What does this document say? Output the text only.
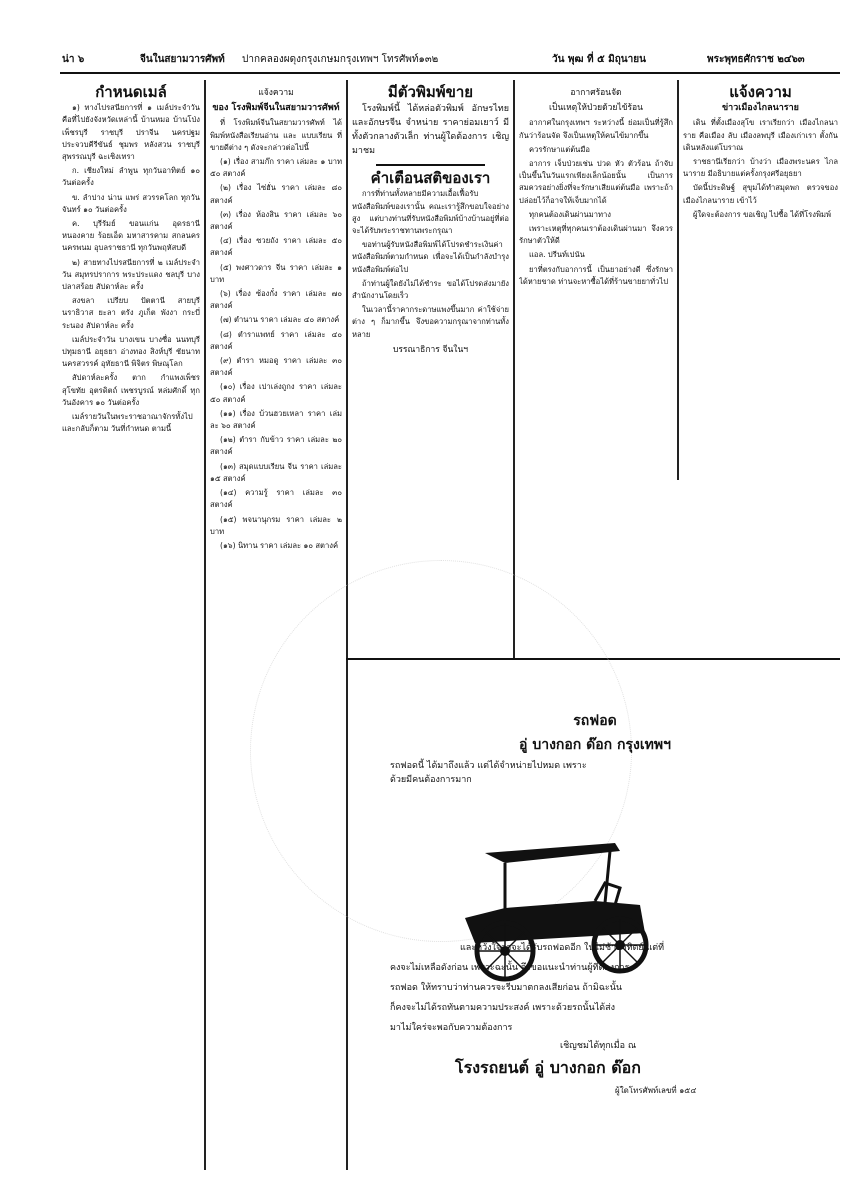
น่า ๖	จีนในสยามวารศัพท์ ปากคลองผดุงกรุงเกษมกรุงเทพฯ โทรศัพท์๑๓๒	วัน พุฒ ที่ ๕ มิถุนายน	พระพุทธศักราช ๒๔๖๓
กำหนดเมล์

๑) ทางไปรสนียการที่ ๑ เมล์ประจำวัน คือที่ไปยังจังหวัดเหล่านี้ บ้านหมอ บ้านโป่ง เพ็ชรบุรี ราชบุรี ปราจีน นครปฐม ประจวบคีรีขันธ์ ชุมพร หลังสวน ราชบุรี สุพรรณบุรี ฉะเชิงเทรา

ก. เชียงใหม่ ลำพูน ทุกวันอาทิตย์ ๑๐ วันต่อครั้ง

ข. ลำปาง น่าน แพร่ สวรรคโลก ทุกวันจันทร์ ๑๐ วันต่อครั้ง

ค. บุรีรัมย์ ขอนแก่น อุดรธานี หนองคาย ร้อยเอ็ด มหาสารคาม สกลนคร นครพนม อุบลราชธานี ทุกวันพฤหัสบดี

๒) สายทางไปรสนียการที่ ๒ เมล์ประจำวัน สมุทรปราการ พระประแดง ชลบุรี บางปลาสร้อย สัปดาห์ละ ครั้ง

สงขลา เปรียบ ปัตตานี สายบุรี นราธิวาส ยะลา ตรัง ภูเก็ต พังงา กระบี่ ระนอง สัปดาห์ละ ครั้ง

เมล์ประจำวัน บางเขน บางซื่อ นนทบุรี ปทุมธานี อยุธยา อ่างทอง สิงห์บุรี ชัยนาท นครสวรรค์ อุทัยธานี พิจิตร พิษณุโลก

สัปดาห์ละครั้ง ตาก กำแพงเพ็ชร สุโขทัย อุตรดิตถ์ เพชรบูรณ์ หล่มศักดิ์ ทุกวันอังคาร ๑๐ วันต่อครั้ง

เมล์รายวันในพระราชอาณาจักรทั้งไป และกลับก็ตาม วันที่กำหนด ตามนี้

แจ้งความ
ของ โรงพิมพ์จีนในสยามวารศัพท์

ที่ โรงพิมพ์จีนในสยามวารศัพท์ ได้ พิมพ์หนังสือเรียนอ่าน และ แบบเรียน ที่ขายดีต่าง ๆ ดังจะกล่าวต่อไปนี้

(๑) เรื่อง สามก๊ก ราคา เล่มละ ๑ บาท ๕๐ สตางค์

(๒) เรื่อง ไซ่ฮั่น ราคา เล่มละ ๘๐ สตางค์

(๓) เรื่อง ห้องสิน ราคา เล่มละ ๖๐ สตางค์

(๔) เรื่อง ซวยถัง ราคา เล่มละ ๕๐ สตางค์

(๕) พงศาวดาร จีน ราคา เล่มละ ๑ บาท

(๖) เรื่อง ซ้องกั๋ง ราคา เล่มละ ๗๐ สตางค์

(๗) ตำนาน ราคา เล่มละ ๔๐ สตางค์

(๘) ตำราแพทย์ ราคา เล่มละ ๔๐ สตางค์

(๙) ตำรา หมอดู ราคา เล่มละ ๓๐ สตางค์

(๑๐) เรื่อง เปาเล่งถูกง ราคา เล่มละ ๕๐ สตางค์

(๑๑) เรื่อง บ้วนฮวยเหลา ราคา เล่มละ ๖๐ สตางค์

(๑๒) ตำรา กับข้าว ราคา เล่มละ ๒๐ สตางค์

(๑๓) สมุดแบบเรียน จีน ราคา เล่มละ ๑๕ สตางค์

(๑๔) ความรู้ ราคา เล่มละ ๓๐ สตางค์

(๑๕) พจนานุกรม ราคา เล่มละ ๒ บาท

(๑๖) นิทาน ราคา เล่มละ ๑๐ สตางค์

มีตัวพิมพ์ขาย

โรงพิมพ์นี้ ได้หล่อตัวพิมพ์ อักษรไทย และอักษรจีน จำหน่าย ราคาย่อมเยาว์ มีทั้งตัวกลางตัวเล็ก ท่านผู้ใดต้องการ เชิญมาชม

คำเตือนสติของเรา

การที่ท่านทั้งหลายมีความเอื้อเฟื้อรับหนังสือพิมพ์ของเรานั้น คณะเรารู้สึกขอบใจอย่างสูง แต่บางท่านที่รับหนังสือพิมพ์บ้างบ้านอยู่ที่ต่อจะได้รับพระราชทานพระกรุณา

ขอท่านผู้รับหนังสือพิมพ์ได้โปรดชำระเงินค่าหนังสือพิมพ์ตามกำหนด เพื่อจะได้เป็นกำลังบำรุงหนังสือพิมพ์ต่อไป

ถ้าท่านผู้ใดยังไม่ได้ชำระ ขอได้โปรดส่งมายังสำนักงานโดยเร็ว

ในเวลานี้ราคากระดาษแพงขึ้นมาก ค่าใช้จ่ายต่าง ๆ ก็มากขึ้น จึงขอความกรุณาจากท่านทั้งหลาย

บรรณาธิการ จีนในฯ
อากาศร้อนจัด
เป็นเหตุให้ป่วยด้วยไข้ร้อน

อากาศในกรุงเทพฯ ระหว่างนี้ ย่อมเป็นที่รู้สึกกันว่าร้อนจัด จึงเป็นเหตุให้คนไข้มากขึ้น

ควรรักษาแต่ต้นมือ

อาการ เจ็บป่วยเช่น ปวด หัว ตัวร้อน ถ้าจับเป็นขึ้นในวันแรกเพียงเล็กน้อยนั้น เป็นการสมควรอย่างยิ่งที่จะรักษาเสียแต่ต้นมือ เพราะถ้าปล่อยไว้ก็อาจให้เจ็บมากได้

ทุกคนต้องเดินผ่านมาทาง

เพราะเหตุที่ทุกคนเราต้องเดินผ่านมา จึงควรรักษาตัวให้ดี

แอล. ปรีนท์เปนัน

ยาที่ตรงกับอาการนี้ เป็นยาอย่างดี ซึ่งรักษาได้หายขาด ท่านจะหาซื้อได้ที่ร้านขายยาทั่วไป

แจ้งความ
ข่าวเมืองไกลนาราย

เดิน ที่ตั้งเมืองสุโข เราเรียกว่า เมืองไกลนาราย คือเมือง ลับ เมืองลพบุรี เมืองเก่าเรา ตั้งกัน เดินหลังแต่โบราณ

ราชธานีเรียกว่า บ้างว่า เมืองพระนคร ไกลนาราย มีอธิบายแต่ครั้งกรุงศรีอยุธยา

บัดนี้ประดิษฐ์ สุขุมได้ทำสมุดพก ตรวจของเมืองไกลนาราย เข้าไว้

ผู้ใดจะต้องการ ขอเชิญ ไปซื้อ ได้ที่โรงพิมพ์

รถฟอด
อู่ บางกอก ด๊อก กรุงเทพฯ
รถฟอดนี้ ได้มาถึงแล้ว แต่ได้จำหน่ายไปหมด เพราะ
ด้วยมีคนต้องการมาก
และหวังใจว่าจะได้รับรถฟอดอีก ในไม่ช้าอาทิตย์ แต่ที่
คงจะไม่เหลือดังก่อน เพราะฉะนั้น จึงขอแนะนำท่านผู้ที่ต้องการ
รถฟอด ให้ทราบว่าท่านควรจะรีบมาตกลงเสียก่อน ถ้ามิฉะนั้น
ก็คงจะไม่ได้รถทันตามความประสงค์ เพราะด้วยรถนั้นได้ส่ง
มาไม่ใคร่จะพอกับความต้องการ
เชิญชมได้ทุกเมื่อ ณ
โรงรถยนต์ อู่ บางกอก ด๊อก
ผู้ใดโทรศัพท์เลขที่ ๑๕๔
